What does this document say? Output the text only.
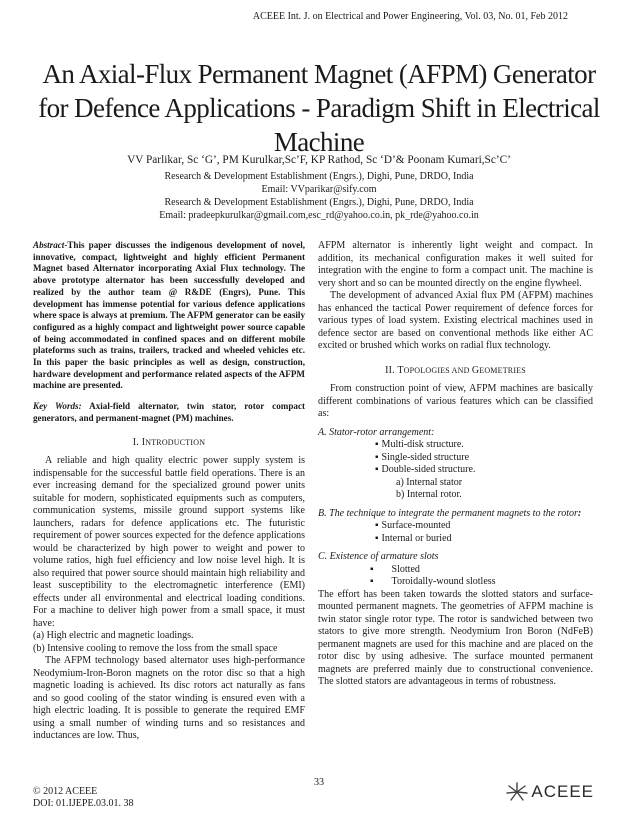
ACEEE Int. J. on Electrical and Power Engineering, Vol. 03, No. 01, Feb 2012
An Axial-Flux Permanent Magnet (AFPM) Generator
for Defence Applications - Paradigm Shift in Electrical
Machine
VV Parlikar, Sc ‘G’, PM Kurulkar,Sc’F, KP Rathod, Sc ‘D’& Poonam Kumari,Sc’C’
Research & Development Establishment (Engrs.), Dighi, Pune, DRDO, India
Email: VVparikar@sify.com
Research & Development Establishment (Engrs.), Dighi, Pune, DRDO, India
Email: pradeepkurulkar@gmail.com,esc_rd@yahoo.co.in, pk_rde@yahoo.co.in
Abstract-This paper discusses the indigenous development of novel, innovative, compact, lightweight and highly efficient Permanent Magnet based Alternator incorporating Axial Flux technology. The above prototype alternator has been successfully developed and realized by the author team @ R&DE (Engrs), Pune. This development has immense potential for various defence applications where space is always at premium. The AFPM generator can be easily configured as a highly compact and lightweight power source capable of being accommodated in confined spaces and on different mobile plateforms such as trains, trailers, tracked and wheeled vehicles etc. In this paper the basic principles as well as design, construction, hardware development and performance related aspects of the AFPM machine are presented.
Key Words: Axial-field alternator, twin stator, rotor compact generators, and permanent-magnet (PM) machines.
I. INTRODUCTION

A reliable and high quality electric power supply system is indispensable for the successful battle field operations. There is an ever increasing demand for the specialized ground power units suitable for modern, sophisticated equipments such as computers, communication systems, missile ground support systems like launchers, radars for defence applications etc. The futuristic requirement of power sources expected for the defence applications would be characterized by high power to weight and power to volume ratios, high fuel efficiency and low noise level high. It is also required that power source should maintain high reliability and least susceptibility to the electromagnetic interference (EMI) effects under all environmental and electrical loading conditions. For a machine to deliver high power from a small space, it must have:

(a) High electric and magnetic loadings.
(b) Intensive cooling to remove the loss from the small space

The AFPM technology based alternator uses high-performance Neodymium-Iron-Boron magnets on the rotor disc so that a high magnetic loading is achieved. Its disc rotors act naturally as fans and so good cooling of the stator winding is ensured even with a high electric loading. It is possible to generate the required EMF using a small number of winding turns and so resistances and inductances are low. Thus,

AFPM alternator is inherently light weight and compact. In addition, its mechanical configuration makes it well suited for integration with the engine to form a compact unit. The machine is very short and so can be mounted directly on the engine flywheel.

The development of advanced Axial flux PM (AFPM) machines has enhanced the tactical Power requirement of defence forces for various types of load system. Existing electrical machines used in defence sector are based on conventional methods like either AC excited or brushed which works on radial flux technology.

II. TOPOLOGIES AND GEOMETRIES

From construction point of view, AFPM machines are basically different combinations of various features which can be classified as:

A. Stator-rotor arrangement:
▪ Multi-disk structure.
▪ Single-sided structure
▪ Double-sided structure.
a) Internal stator
b) Internal rotor.
B. The technique to integrate the permanent magnets to the rotor:
▪ Surface-mounted
▪ Internal or buried
C. Existence of armature slots
▪ Slotted
▪ Toroidally-wound slotless

The effort has been taken towards the slotted stators and surface-mounted permanent magnets. The geometries of AFPM machine is twin stator single rotor type. The rotor is sandwiched between two stators to give more strength. Neodymium Iron Boron (NdFeB) permanent magnets are used for this machine and are placed on the rotor disc by using adhesive. The surface mounted permanent magnets are preferred mainly due to constructional convenience. The slotted stators are advantageous in terms of robustness.

33
© 2012 ACEEE
DOI: 01.IJEPE.03.01. 38
ACEEE
